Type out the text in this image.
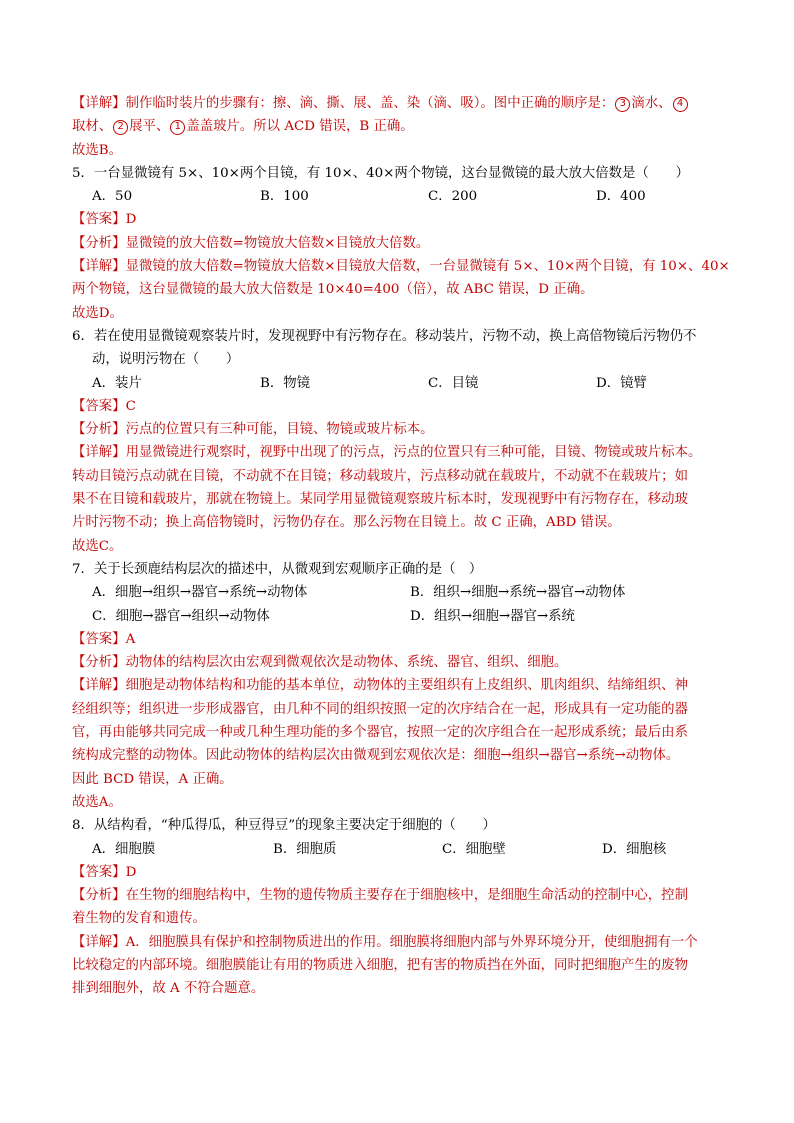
【详解】制作临时装片的步骤有：擦、滴、撕、展、盖、染（滴、吸）。图中正确的顺序是： 3 滴水、 4
取材、 2 展平、 1 盖盖玻片。所以 ACD 错误，B 正确。
故选B。
5．一台显微镜有 5×、10×两个目镜，有 10×、40×两个物镜，这台显微镜的最大放大倍数是（　　）
A．50	B．100	C．200	D．400
【答案】D
【分析】显微镜的放大倍数=物镜放大倍数×目镜放大倍数。
【详解】显微镜的放大倍数=物镜放大倍数×目镜放大倍数，一台显微镜有 5×、10×两个目镜，有 10×、40×
两个物镜，这台显微镜的最大放大倍数是 10×40=400（倍），故 ABC 错误，D 正确。
故选D。
6．若在使用显微镜观察装片时，发现视野中有污物存在。移动装片，污物不动，换上高倍物镜后污物仍不
动，说明污物在（　　）
A．装片	B．物镜	C．目镜	D．镜臂
【答案】C
【分析】污点的位置只有三种可能，目镜、物镜或玻片标本。
【详解】用显微镜进行观察时，视野中出现了的污点，污点的位置只有三种可能，目镜、物镜或玻片标本。
转动目镜污点动就在目镜，不动就不在目镜；移动载玻片，污点移动就在载玻片，不动就不在载玻片；如
果不在目镜和载玻片，那就在物镜上。某同学用显微镜观察玻片标本时，发现视野中有污物存在，移动玻
片时污物不动；换上高倍物镜时，污物仍存在。那么污物在目镜上。故 C 正确，ABD 错误。
故选C。
7．关于长颈鹿结构层次的描述中，从微观到宏观顺序正确的是（　）
A．细胞→组织→器官→系统→动物体	B．组织→细胞→系统→器官→动物体
C．细胞→器官→组织→动物体	D．组织→细胞→器官→系统
【答案】A
【分析】动物体的结构层次由宏观到微观依次是动物体、系统、器官、组织、细胞。
【详解】细胞是动物体结构和功能的基本单位，动物体的主要组织有上皮组织、肌肉组织、结缔组织、神
经组织等；组织进一步形成器官，由几种不同的组织按照一定的次序结合在一起，形成具有一定功能的器
官，再由能够共同完成一种或几种生理功能的多个器官，按照一定的次序组合在一起形成系统；最后由系
统构成完整的动物体。因此动物体的结构层次由微观到宏观依次是：细胞→组织→器官→系统→动物体。
因此 BCD 错误，A 正确。
故选A。
8．从结构看，“种瓜得瓜，种豆得豆”的现象主要决定于细胞的（　　）
A．细胞膜	B．细胞质	C．细胞壁	D．细胞核
【答案】D
【分析】在生物的细胞结构中，生物的遗传物质主要存在于细胞核中，是细胞生命活动的控制中心，控制
着生物的发育和遗传。
【详解】A．细胞膜具有保护和控制物质进出的作用。细胞膜将细胞内部与外界环境分开，使细胞拥有一个
比较稳定的内部环境。细胞膜能让有用的物质进入细胞，把有害的物质挡在外面，同时把细胞产生的废物
排到细胞外，故 A 不符合题意。
